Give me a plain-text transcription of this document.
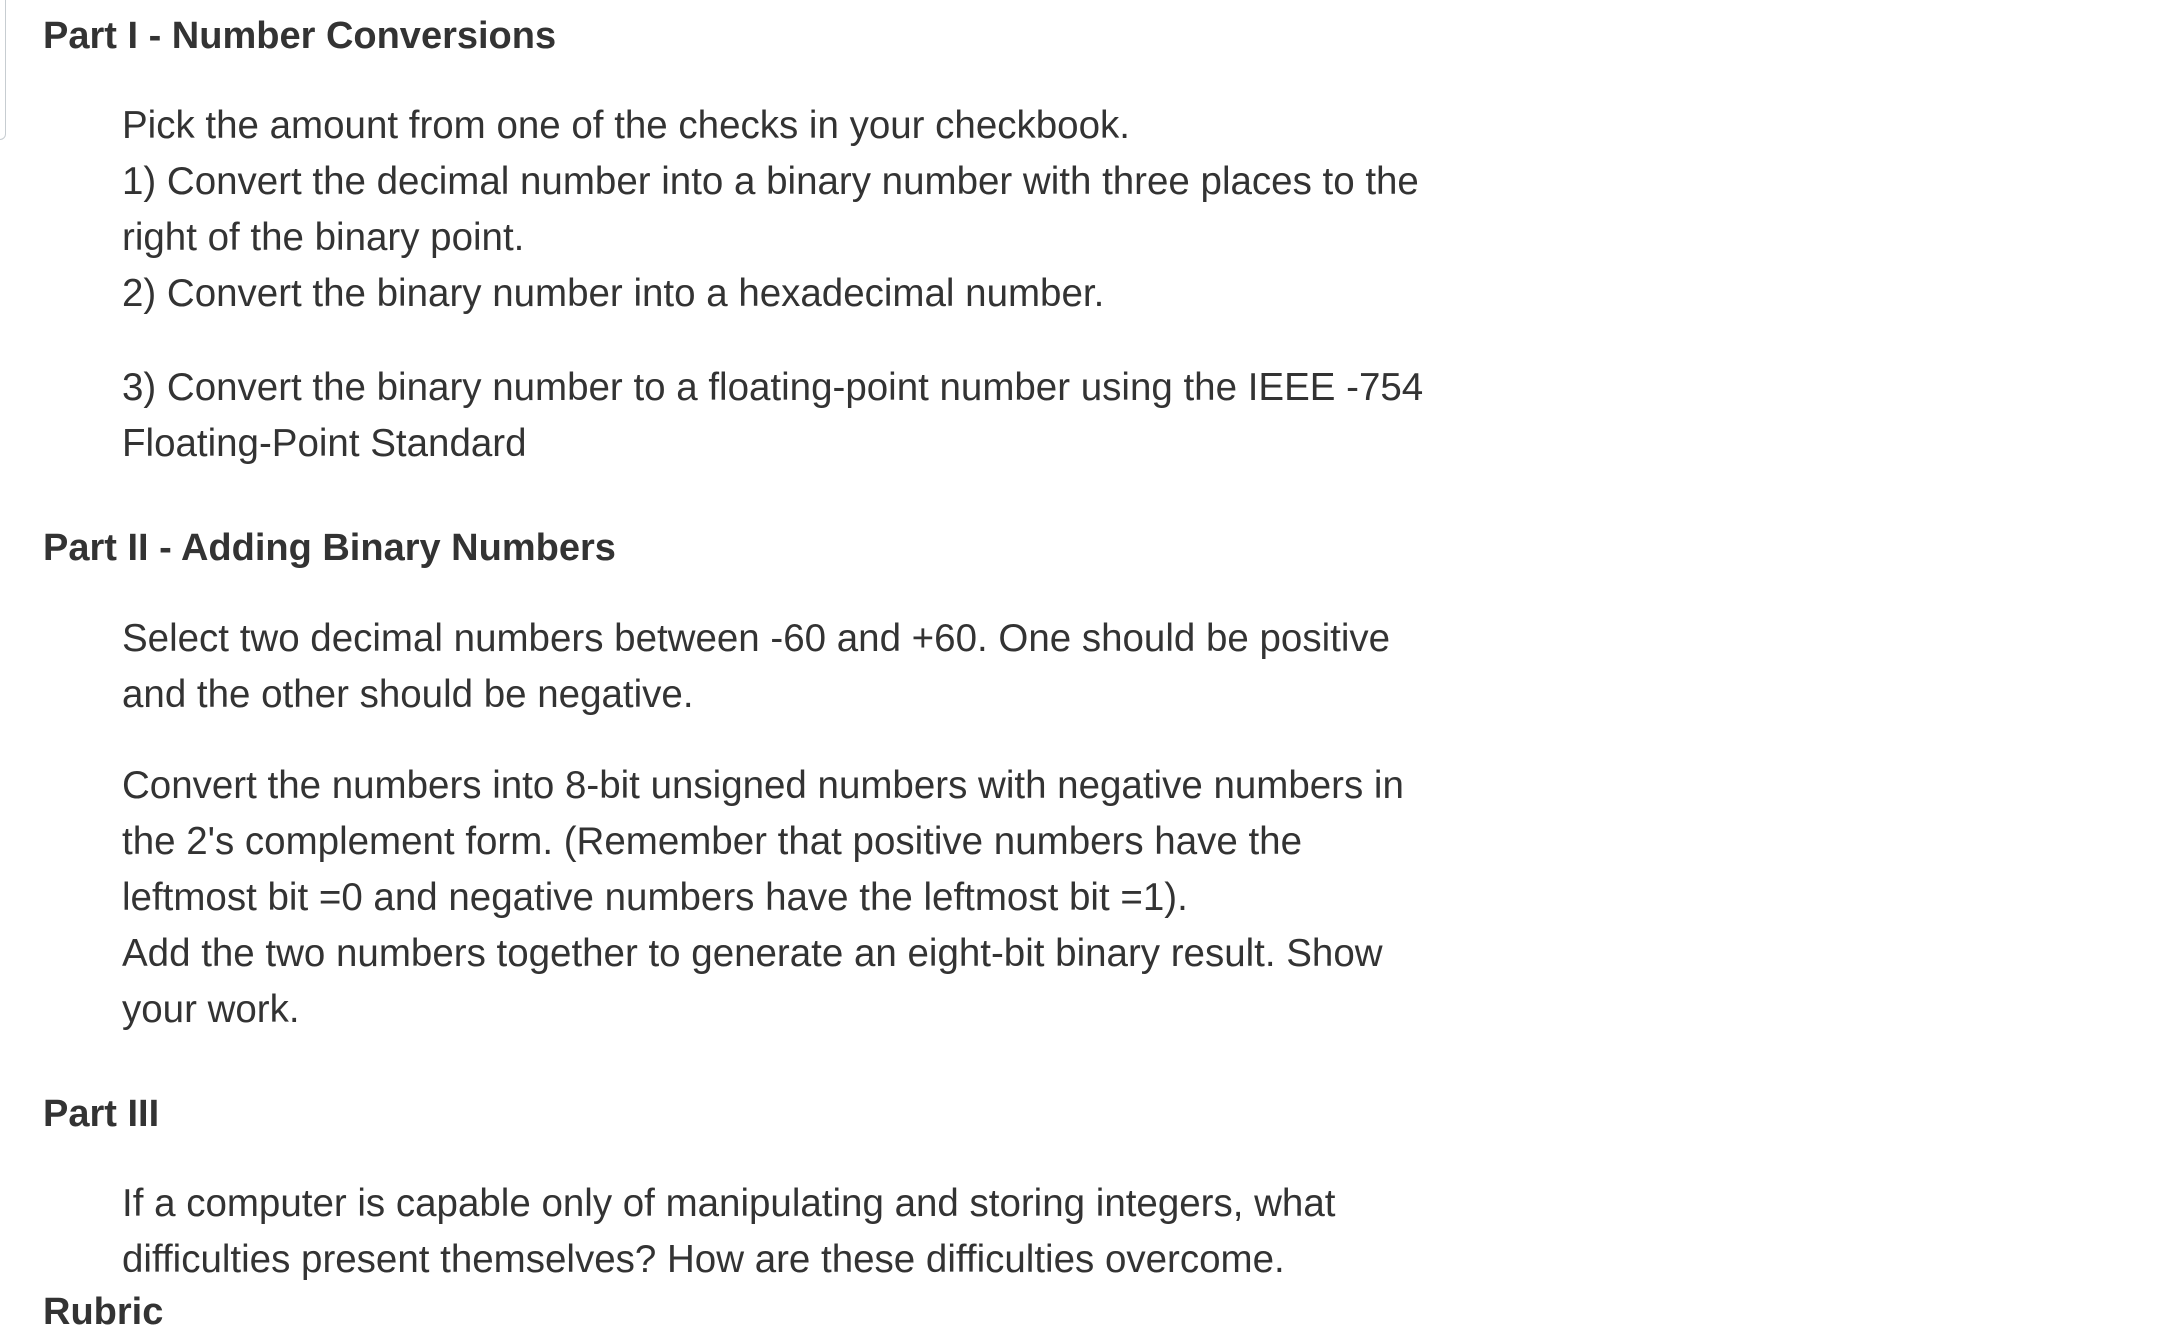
Part I - Number Conversions
Pick the amount from one of the checks in your checkbook.
1) Convert the decimal number into a binary number with three places to the
right of the binary point.
2) Convert the binary number into a hexadecimal number.
3) Convert the binary number to a floating-point number using the IEEE -754
Floating-Point Standard
Part II - Adding Binary Numbers
Select two decimal numbers between -60 and +60. One should be positive
and the other should be negative.
Convert the numbers into 8-bit unsigned numbers with negative numbers in
the 2's complement form. (Remember that positive numbers have the
leftmost bit =0 and negative numbers have the leftmost bit =1).
Add the two numbers together to generate an eight-bit binary result. Show
your work.
Part III
If a computer is capable only of manipulating and storing integers, what
difficulties present themselves? How are these difficulties overcome.
Rubric
